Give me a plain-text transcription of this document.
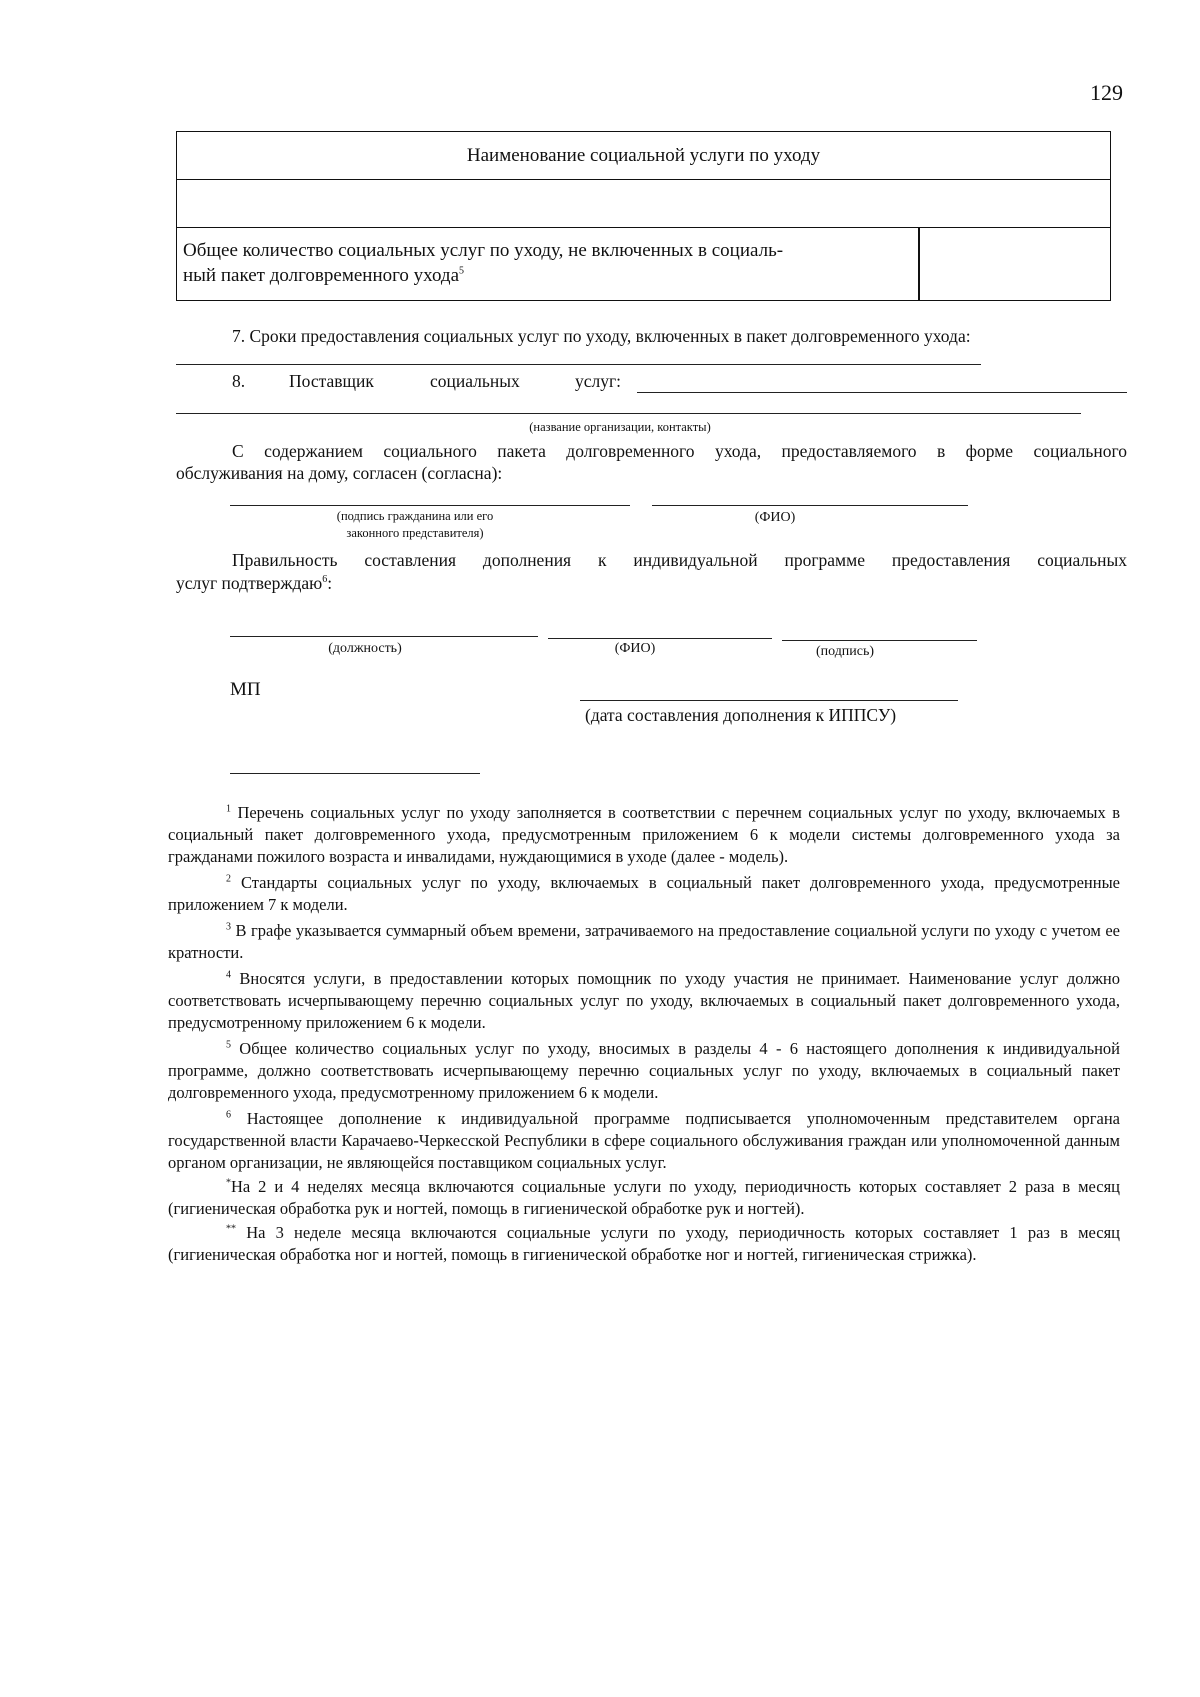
129
Наименование социальной услуги по уходу
Общее количество социальных услуг по уходу, не включенных в социаль-
ный пакет долговременного ухода$^5$
7. Сроки предоставления социальных услуг по уходу, включенных в пакет долговременного ухода:
8.	Поставщик	социальных	услуг:
(название организации, контакты)
С содержанием социального пакета долговременного ухода, предоставляемого в форме социального
обслуживания на дому, согласен (согласна):
(подпись гражданина или его
законного представителя)
(ФИО)
Правильность составления дополнения к индивидуальной программе предоставления социальных
услуг подтверждаю$^6$:
(должность)	(ФИО)	(подпись)
МП
(дата составления дополнения к ИППСУ)

$^1$ Перечень социальных услуг по уходу заполняется в соответствии с перечнем социальных услуг по уходу, включаемых в социальный пакет долговременного ухода, предусмотренным приложением 6 к модели системы долговременного ухода за гражданами пожилого возраста и инвалидами, нуждающимися в уходе (далее - модель).

$^2$ Стандарты социальных услуг по уходу, включаемых в социальный пакет долговременного ухода, предусмотренные приложением 7 к модели.

$^3$ В графе указывается суммарный объем времени, затрачиваемого на предоставление социальной услуги по уходу с учетом ее кратности.

$^4$ Вносятся услуги, в предоставлении которых помощник по уходу участия не принимает. Наименование услуг должно соответствовать исчерпывающему перечню социальных услуг по уходу, включаемых в социальный пакет долговременного ухода, предусмотренному приложением 6 к модели.

$^5$ Общее количество социальных услуг по уходу, вносимых в разделы 4 - 6 настоящего дополнения к индивидуальной программе, должно соответствовать исчерпывающему перечню социальных услуг по уходу, включаемых в социальный пакет долговременного ухода, предусмотренному приложением 6 к модели.

$^6$ Настоящее дополнение к индивидуальной программе подписывается уполномоченным представителем органа государственной власти Карачаево-Черкесской Республики в сфере социального обслуживания граждан или уполномоченной данным органом организации, не являющейся поставщиком социальных услуг.

*На 2 и 4 неделях месяца включаются социальные услуги по уходу, периодичность которых составляет 2 раза в месяц (гигиеническая обработка рук и ногтей, помощь в гигиенической обработке рук и ногтей).

** На 3 неделе месяца включаются социальные услуги по уходу, периодичность которых составляет 1 раз в месяц (гигиеническая обработка ног и ногтей, помощь в гигиенической обработке ног и ногтей, гигиеническая стрижка).
